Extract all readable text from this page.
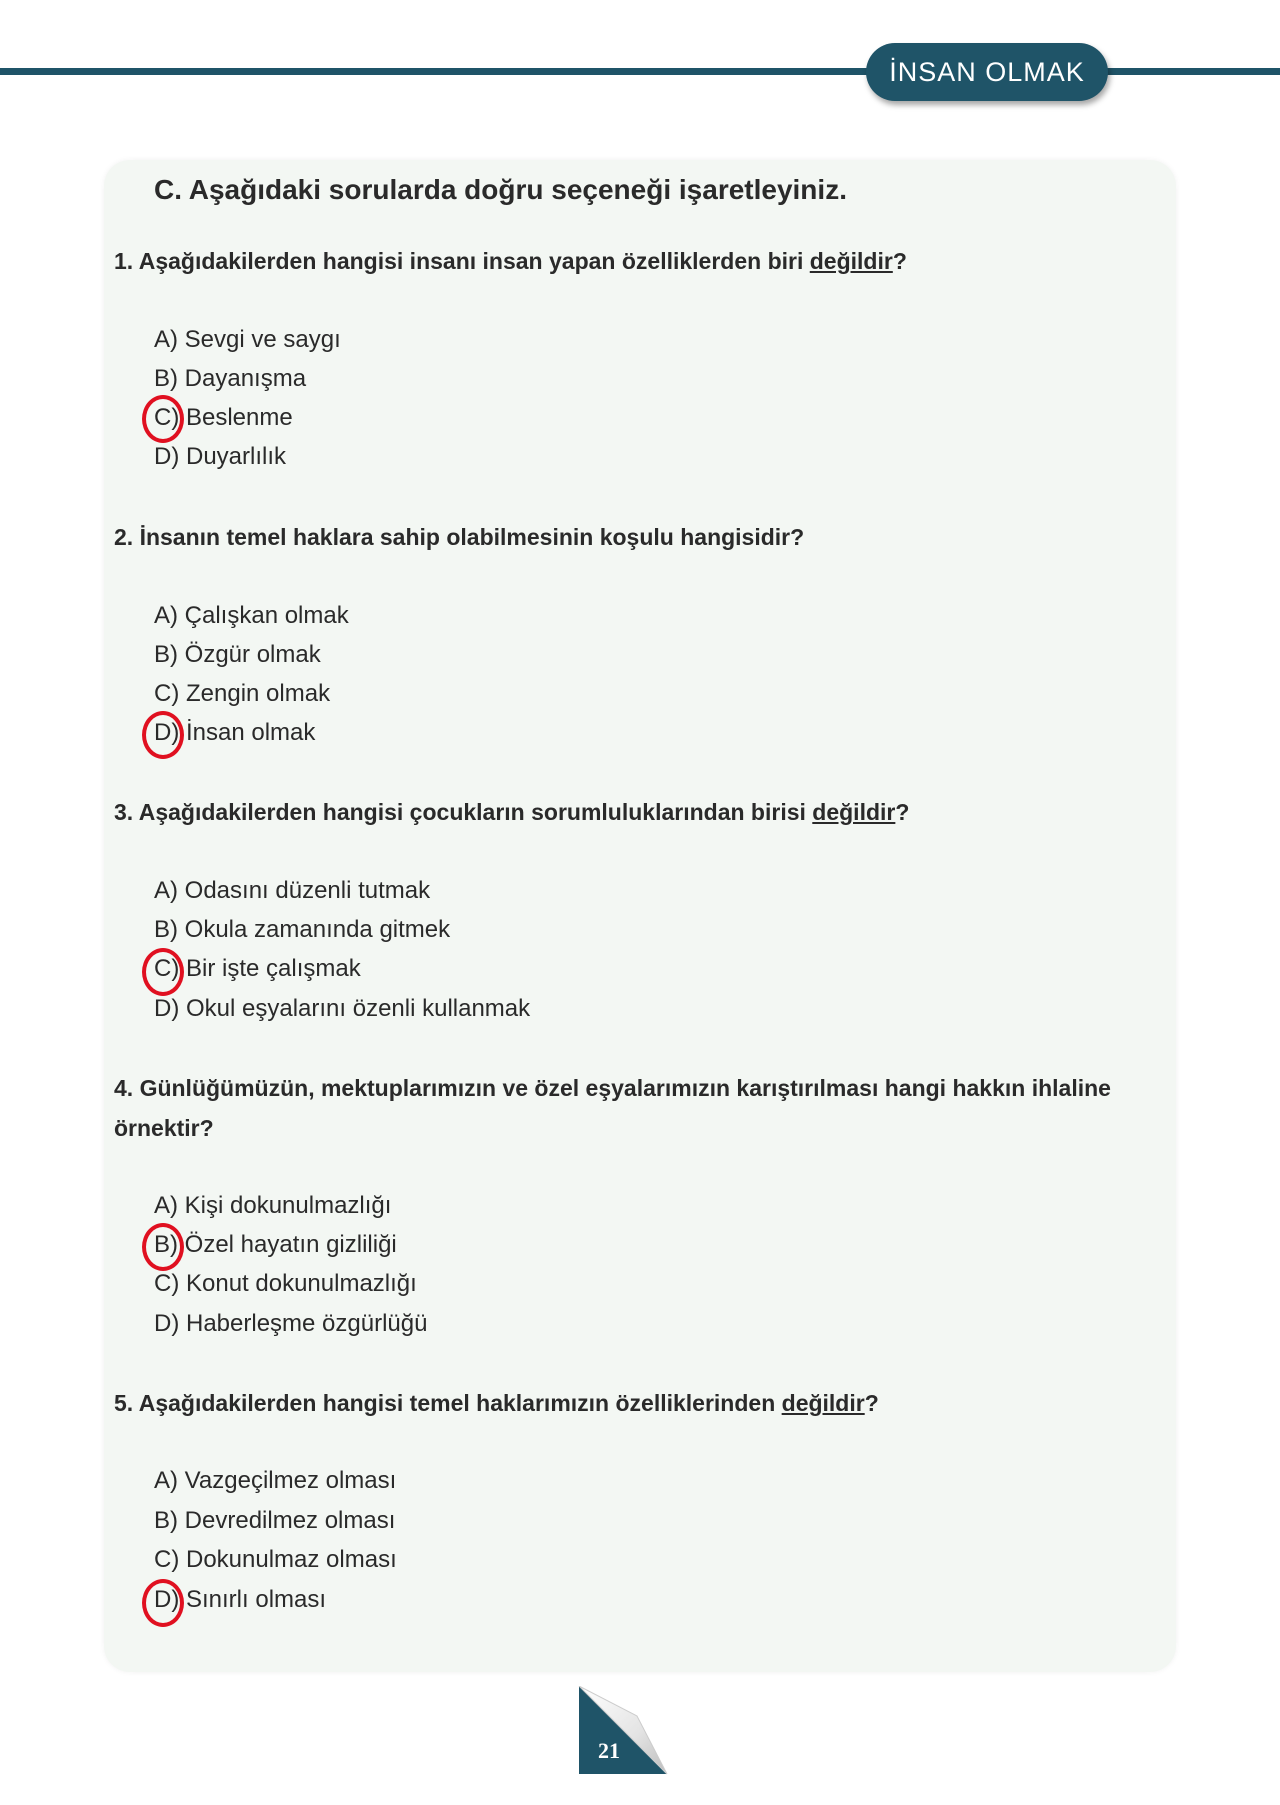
İNSAN OLMAK
C. Aşağıdaki sorularda doğru seçeneği işaretleyiniz.
1. Aşağıdakilerden hangisi insanı insan yapan özelliklerden biri değildir?
A) Sevgi ve saygı
B) Dayanışma
C) Beslenme
D) Duyarlılık
2. İnsanın temel haklara sahip olabilmesinin koşulu hangisidir?
A) Çalışkan olmak
B) Özgür olmak
C) Zengin olmak
D) İnsan olmak
3. Aşağıdakilerden hangisi çocukların sorumluluklarından birisi değildir?
A) Odasını düzenli tutmak
B) Okula zamanında gitmek
C) Bir işte çalışmak
D) Okul eşyalarını özenli kullanmak
4. Günlüğümüzün, mektuplarımızın ve özel eşyalarımızın karıştırılması hangi hakkın ihlaline örnektir?
A) Kişi dokunulmazlığı
B) Özel hayatın gizliliği
C) Konut dokunulmazlığı
D) Haberleşme özgürlüğü
5. Aşağıdakilerden hangisi temel haklarımızın özelliklerinden değildir?
A) Vazgeçilmez olması
B) Devredilmez olması
C) Dokunulmaz olması
D) Sınırlı olması
21
